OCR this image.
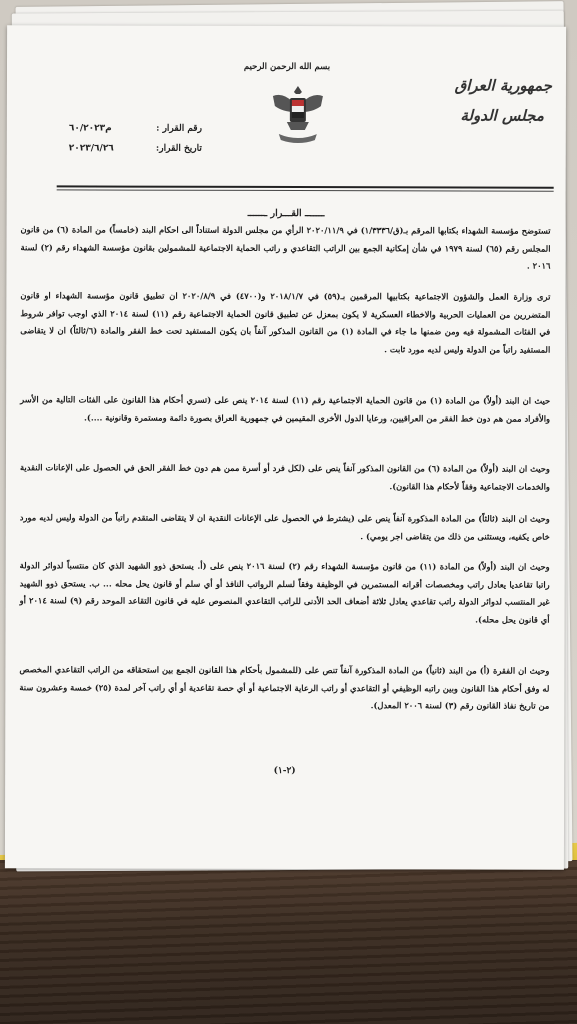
بسم الله الرحمن الرحيم
جمهورية العراق
مجلس الدولة
رقم القرار : م٦٠/٢٠٢٣
تاريخ القرار: ٢٠٢٣/٦/٢٦
ـــــــ القـــرار ـــــــ
تستوضح مؤسسة الشهداء بكتابها المرقم بـ(ق/١/٣٣٣٦) في ٢٠٢٠/١١/٩ الرأي من مجلس الدولة استناداً الى احكام البند (خامساً) من المادة (٦) من قانون المجلس رقم (٦٥) لسنة ١٩٧٩ في شأن إمكانية الجمع بين الراتب التقاعدي و راتب الحماية الاجتماعية للمشمولين بقانون مؤسسة الشهداء رقم (٢) لسنة ٢٠١٦ .
ترى وزارة العمل والشؤون الاجتماعية بكتابيها المرقمين بـ(٥٩) في ٢٠١٨/١/٧ و(٤٧٠٠) في ٢٠٢٠/٨/٩ ان تطبيق قانون مؤسسة الشهداء او قانون المتضررين من العمليات الحربية والاخطاء العسكرية لا يكون بمعزل عن تطبيق قانون الحماية الاجتماعية رقم (١١) لسنة ٢٠١٤ الذي اوجب توافر شروط في الفئات المشمولة فيه ومن ضمنها ما جاء في المادة (١) من القانون المذكور آنفاً بان يكون المستفيد تحت خط الفقر والمادة (٦/ثالثاً) ان لا يتقاضى المستفيد راتباً من الدولة وليس لديه مورد ثابت .
حيث ان البند (أولاً) من المادة (١) من قانون الحماية الاجتماعية رقم (١١) لسنة ٢٠١٤ ينص على (تسري أحكام هذا القانون على الفئات التالية من الأسر والأفراد ممن هم دون خط الفقر من العراقيين، ورعايا الدول الأخرى المقيمين في جمهورية العراق بصورة دائمة ومستمرة وقانونية ....).
وحيث ان البند (أولاً) من المادة (٦) من القانون المذكور آنفاً ينص على (لكل فرد أو أسرة ممن هم دون خط الفقر الحق في الحصول على الإعانات النقدية والخدمات الاجتماعية وفقاً لأحكام هذا القانون).
وحيث ان البند (ثالثاً) من المادة المذكورة آنفاً ينص على (يشترط في الحصول على الإعانات النقدية ان لا يتقاضى المتقدم راتباً من الدولة وليس لديه مورد خاص يكفيه، ويستثنى من ذلك من يتقاضى اجر يومي) .
وحيث ان البند (أولاً) من المادة (١١) من قانون مؤسسة الشهداء رقم (٢) لسنة ٢٠١٦ ينص على (أ. يستحق ذوو الشهيد الذي كان منتسباً لدوائر الدولة راتبا تقاعديا يعادل راتب ومخصصات أقرانه المستمرين في الوظيفة وفقاً لسلم الرواتب النافذ أو أي سلم أو قانون يحل محله ... ب. يستحق ذوو الشهيد غير المنتسب لدوائر الدولة راتب تقاعدي يعادل ثلاثة أضعاف الحد الأدنى للراتب التقاعدي المنصوص عليه في قانون التقاعد الموحد رقم (٩) لسنة ٢٠١٤ أو أي قانون يحل محله).
وحيث ان الفقرة (أ) من البند (ثانياً) من المادة المذكورة آنفاً تنص على (للمشمول بأحكام هذا القانون الجمع بين استحقاقه من الراتب التقاعدي المخصص له وفق أحكام هذا القانون وبين راتبه الوظيفي أو التقاعدي أو راتب الرعاية الاجتماعية أو أي حصة تقاعدية أو أي راتب آخر لمدة (٢٥) خمسة وعشرون سنة من تاريخ نفاذ القانون رقم (٣) لسنة ٢٠٠٦ المعدل).
(٢-١)
